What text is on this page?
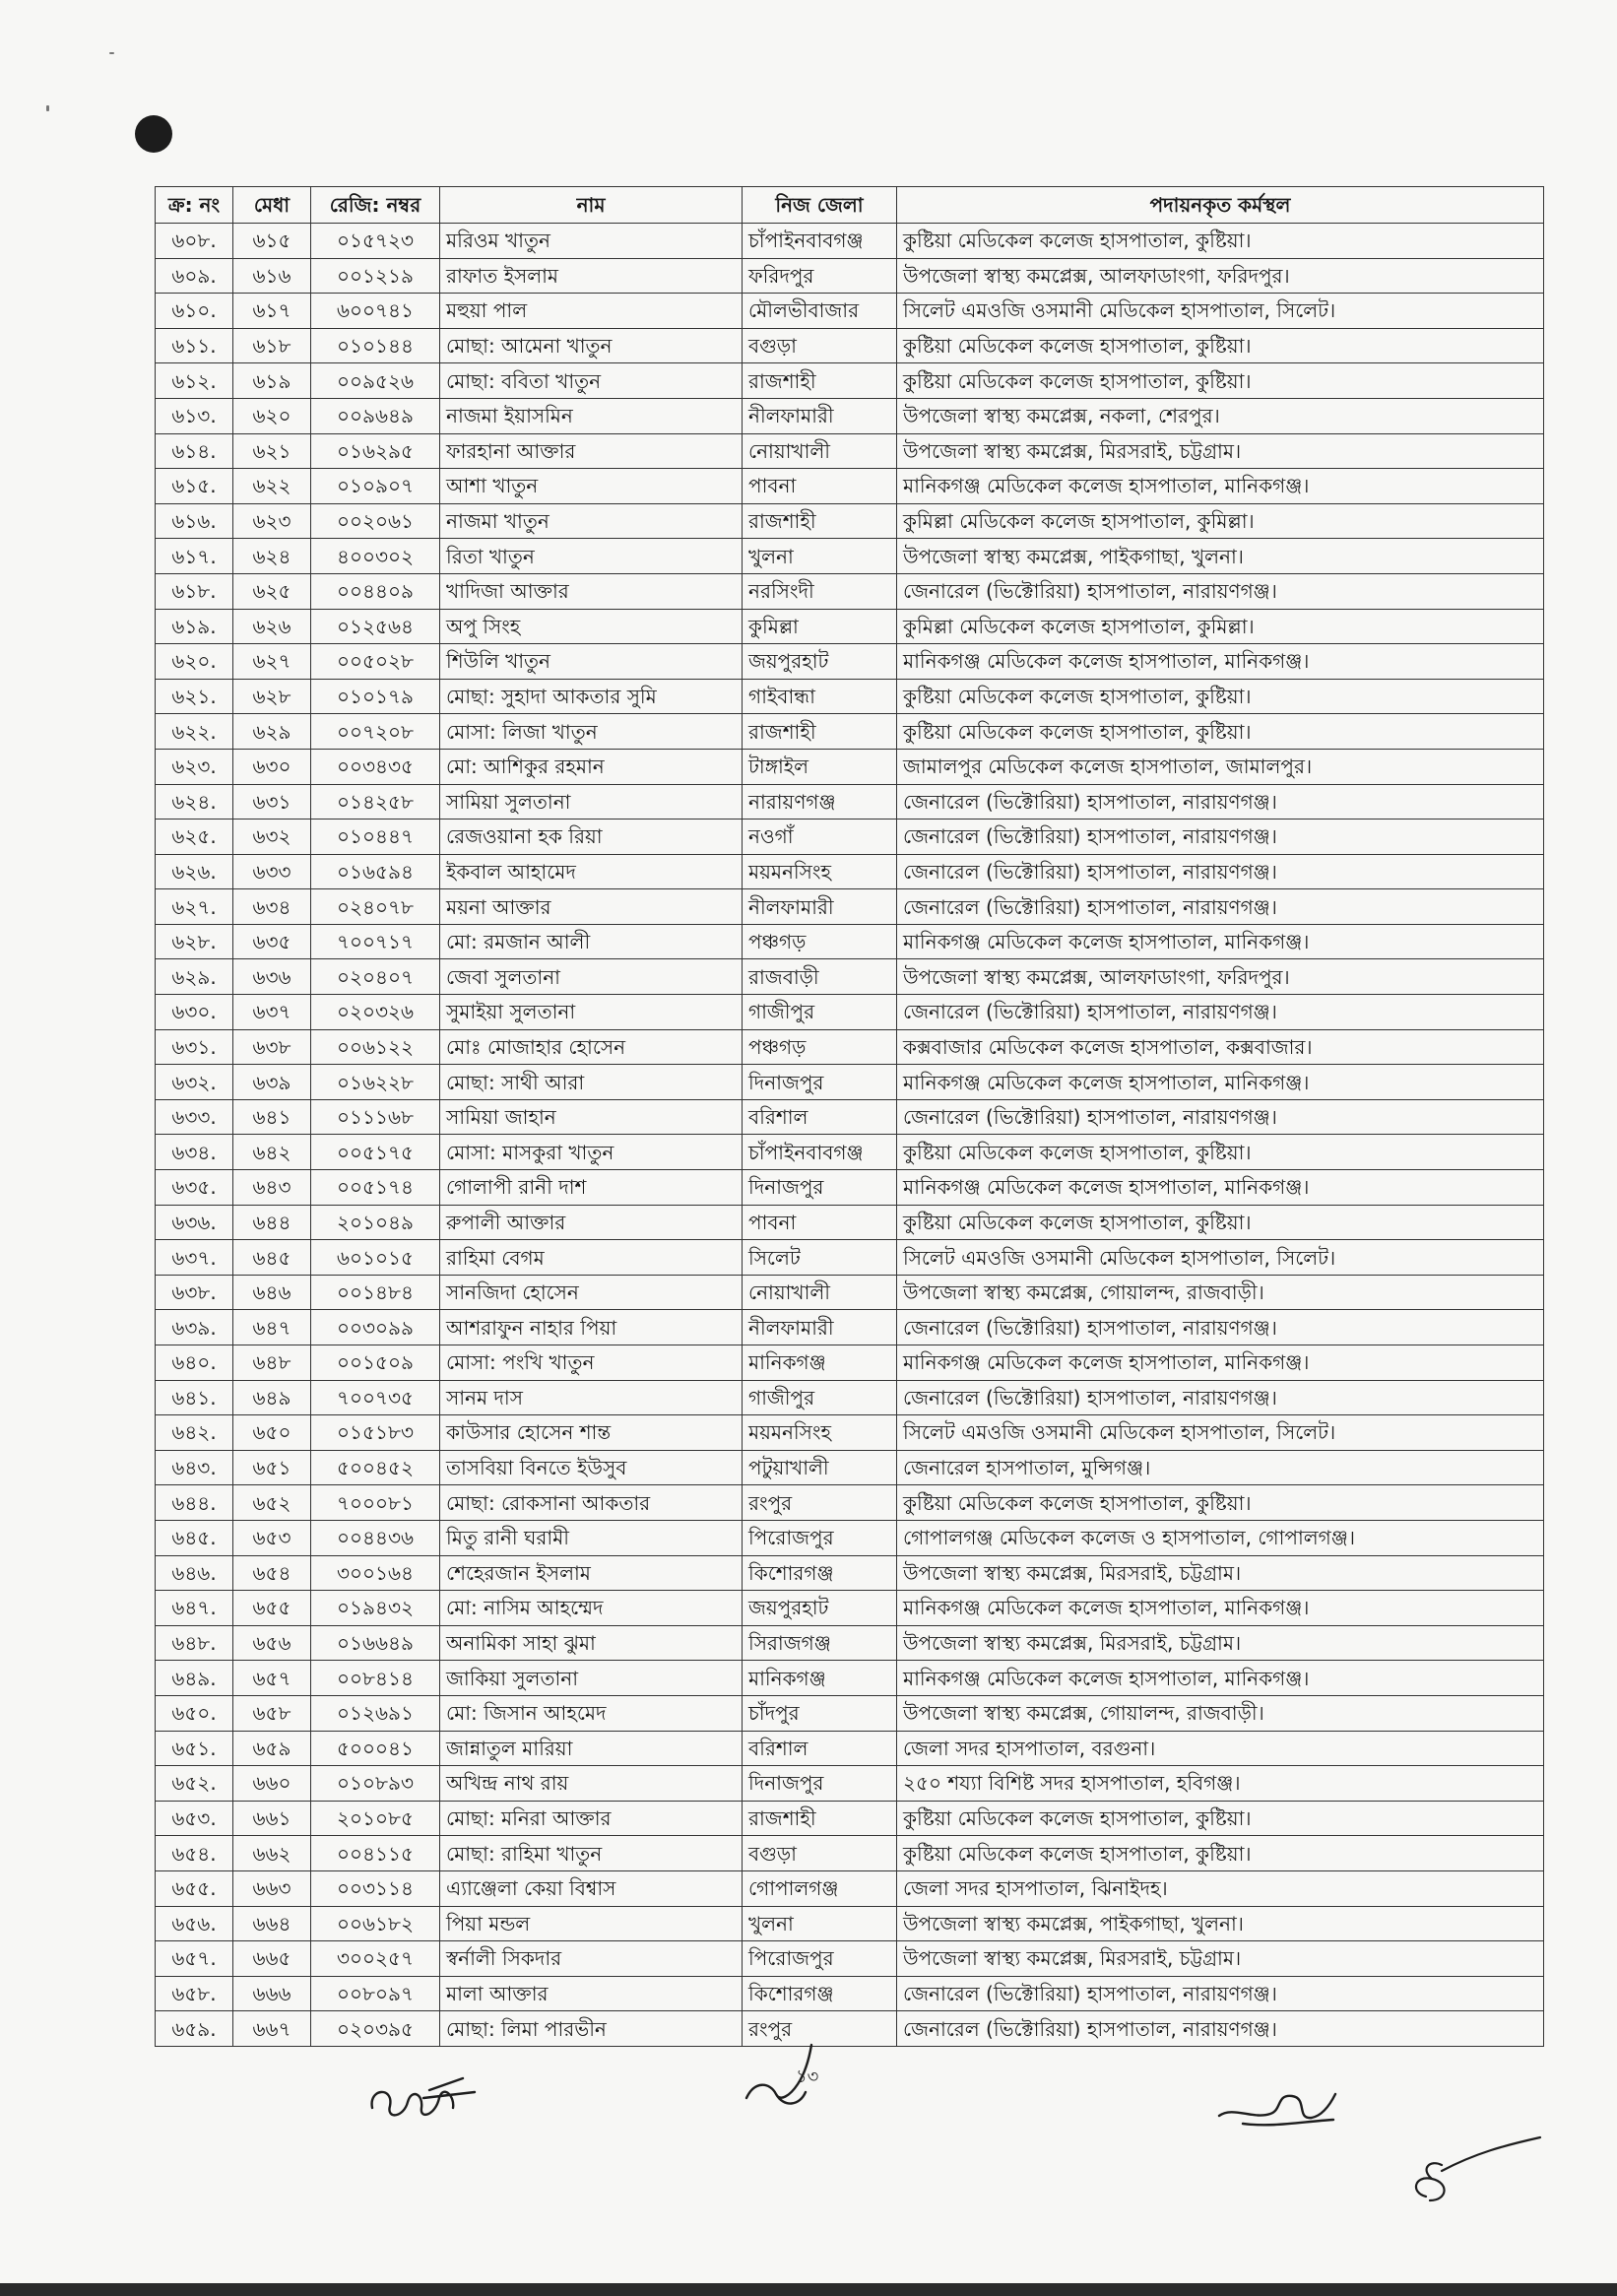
ক্র: নং	মেধা	রেজি: নম্বর	নাম	নিজ জেলা	পদায়নকৃত কর্মস্থল
৬০৮.	৬১৫	০১৫৭২৩	মরিওম খাতুন	চাঁপাইনবাবগঞ্জ	কুষ্টিয়া মেডিকেল কলেজ হাসপাতাল, কুষ্টিয়া।
৬০৯.	৬১৬	০০১২১৯	রাফাত ইসলাম	ফরিদপুর	উপজেলা স্বাস্থ্য কমপ্লেক্স, আলফাডাংগা, ফরিদপুর।
৬১০.	৬১৭	৬০০৭৪১	মহুয়া পাল	মৌলভীবাজার	সিলেট এমওজি ওসমানী মেডিকেল হাসপাতাল, সিলেট।
৬১১.	৬১৮	০১০১৪৪	মোছা: আমেনা খাতুন	বগুড়া	কুষ্টিয়া মেডিকেল কলেজ হাসপাতাল, কুষ্টিয়া।
৬১২.	৬১৯	০০৯৫২৬	মোছা: ববিতা খাতুন	রাজশাহী	কুষ্টিয়া মেডিকেল কলেজ হাসপাতাল, কুষ্টিয়া।
৬১৩.	৬২০	০০৯৬৪৯	নাজমা ইয়াসমিন	নীলফামারী	উপজেলা স্বাস্থ্য কমপ্লেক্স, নকলা, শেরপুর।
৬১৪.	৬২১	০১৬২৯৫	ফারহানা আক্তার	নোয়াখালী	উপজেলা স্বাস্থ্য কমপ্লেক্স, মিরসরাই, চট্টগ্রাম।
৬১৫.	৬২২	০১০৯০৭	আশা খাতুন	পাবনা	মানিকগঞ্জ মেডিকেল কলেজ হাসপাতাল, মানিকগঞ্জ।
৬১৬.	৬২৩	০০২০৬১	নাজমা খাতুন	রাজশাহী	কুমিল্লা মেডিকেল কলেজ হাসপাতাল, কুমিল্লা।
৬১৭.	৬২৪	৪০০৩০২	রিতা খাতুন	খুলনা	উপজেলা স্বাস্থ্য কমপ্লেক্স, পাইকগাছা, খুলনা।
৬১৮.	৬২৫	০০৪৪০৯	খাদিজা আক্তার	নরসিংদী	জেনারেল (ভিক্টোরিয়া) হাসপাতাল, নারায়ণগঞ্জ।
৬১৯.	৬২৬	০১২৫৬৪	অপু সিংহ	কুমিল্লা	কুমিল্লা মেডিকেল কলেজ হাসপাতাল, কুমিল্লা।
৬২০.	৬২৭	০০৫০২৮	শিউলি খাতুন	জয়পুরহাট	মানিকগঞ্জ মেডিকেল কলেজ হাসপাতাল, মানিকগঞ্জ।
৬২১.	৬২৮	০১০১৭৯	মোছা: সুহাদা আকতার সুমি	গাইবান্ধা	কুষ্টিয়া মেডিকেল কলেজ হাসপাতাল, কুষ্টিয়া।
৬২২.	৬২৯	০০৭২০৮	মোসা: লিজা খাতুন	রাজশাহী	কুষ্টিয়া মেডিকেল কলেজ হাসপাতাল, কুষ্টিয়া।
৬২৩.	৬৩০	০০৩৪৩৫	মো: আশিকুর রহমান	টাঙ্গাইল	জামালপুর মেডিকেল কলেজ হাসপাতাল, জামালপুর।
৬২৪.	৬৩১	০১৪২৫৮	সামিয়া সুলতানা	নারায়ণগঞ্জ	জেনারেল (ভিক্টোরিয়া) হাসপাতাল, নারায়ণগঞ্জ।
৬২৫.	৬৩২	০১০৪৪৭	রেজওয়ানা হক রিয়া	নওগাঁ	জেনারেল (ভিক্টোরিয়া) হাসপাতাল, নারায়ণগঞ্জ।
৬২৬.	৬৩৩	০১৬৫৯৪	ইকবাল আহামেদ	ময়মনসিংহ	জেনারেল (ভিক্টোরিয়া) হাসপাতাল, নারায়ণগঞ্জ।
৬২৭.	৬৩৪	০২৪০৭৮	ময়না আক্তার	নীলফামারী	জেনারেল (ভিক্টোরিয়া) হাসপাতাল, নারায়ণগঞ্জ।
৬২৮.	৬৩৫	৭০০৭১৭	মো: রমজান আলী	পঞ্চগড়	মানিকগঞ্জ মেডিকেল কলেজ হাসপাতাল, মানিকগঞ্জ।
৬২৯.	৬৩৬	০২০৪০৭	জেবা সুলতানা	রাজবাড়ী	উপজেলা স্বাস্থ্য কমপ্লেক্স, আলফাডাংগা, ফরিদপুর।
৬৩০.	৬৩৭	০২০৩২৬	সুমাইয়া সুলতানা	গাজীপুর	জেনারেল (ভিক্টোরিয়া) হাসপাতাল, নারায়ণগঞ্জ।
৬৩১.	৬৩৮	০০৬১২২	মোঃ মোজাহার হোসেন	পঞ্চগড়	কক্সবাজার মেডিকেল কলেজ হাসপাতাল, কক্সবাজার।
৬৩২.	৬৩৯	০১৬২২৮	মোছা: সাথী আরা	দিনাজপুর	মানিকগঞ্জ মেডিকেল কলেজ হাসপাতাল, মানিকগঞ্জ।
৬৩৩.	৬৪১	০১১১৬৮	সামিয়া জাহান	বরিশাল	জেনারেল (ভিক্টোরিয়া) হাসপাতাল, নারায়ণগঞ্জ।
৬৩৪.	৬৪২	০০৫১৭৫	মোসা: মাসকুরা খাতুন	চাঁপাইনবাবগঞ্জ	কুষ্টিয়া মেডিকেল কলেজ হাসপাতাল, কুষ্টিয়া।
৬৩৫.	৬৪৩	০০৫১৭৪	গোলাপী রানী দাশ	দিনাজপুর	মানিকগঞ্জ মেডিকেল কলেজ হাসপাতাল, মানিকগঞ্জ।
৬৩৬.	৬৪৪	২০১০৪৯	রুপালী আক্তার	পাবনা	কুষ্টিয়া মেডিকেল কলেজ হাসপাতাল, কুষ্টিয়া।
৬৩৭.	৬৪৫	৬০১০১৫	রাহিমা বেগম	সিলেট	সিলেট এমওজি ওসমানী মেডিকেল হাসপাতাল, সিলেট।
৬৩৮.	৬৪৬	০০১৪৮৪	সানজিদা হোসেন	নোয়াখালী	উপজেলা স্বাস্থ্য কমপ্লেক্স, গোয়ালন্দ, রাজবাড়ী।
৬৩৯.	৬৪৭	০০৩০৯৯	আশরাফুন নাহার পিয়া	নীলফামারী	জেনারেল (ভিক্টোরিয়া) হাসপাতাল, নারায়ণগঞ্জ।
৬৪০.	৬৪৮	০০১৫০৯	মোসা: পংখি খাতুন	মানিকগঞ্জ	মানিকগঞ্জ মেডিকেল কলেজ হাসপাতাল, মানিকগঞ্জ।
৬৪১.	৬৪৯	৭০০৭৩৫	সানম দাস	গাজীপুর	জেনারেল (ভিক্টোরিয়া) হাসপাতাল, নারায়ণগঞ্জ।
৬৪২.	৬৫০	০১৫১৮৩	কাউসার হোসেন শান্ত	ময়মনসিংহ	সিলেট এমওজি ওসমানী মেডিকেল হাসপাতাল, সিলেট।
৬৪৩.	৬৫১	৫০০৪৫২	তাসবিয়া বিনতে ইউসুব	পটুয়াখালী	জেনারেল হাসপাতাল, মুন্সিগঞ্জ।
৬৪৪.	৬৫২	৭০০০৮১	মোছা: রোকসানা আকতার	রংপুর	কুষ্টিয়া মেডিকেল কলেজ হাসপাতাল, কুষ্টিয়া।
৬৪৫.	৬৫৩	০০৪৪৩৬	মিতু রানী ঘরামী	পিরোজপুর	গোপালগঞ্জ মেডিকেল কলেজ ও হাসপাতাল, গোপালগঞ্জ।
৬৪৬.	৬৫৪	৩০০১৬৪	শেহেরজান ইসলাম	কিশোরগঞ্জ	উপজেলা স্বাস্থ্য কমপ্লেক্স, মিরসরাই, চট্টগ্রাম।
৬৪৭.	৬৫৫	০১৯৪৩২	মো: নাসিম আহম্মেদ	জয়পুরহাট	মানিকগঞ্জ মেডিকেল কলেজ হাসপাতাল, মানিকগঞ্জ।
৬৪৮.	৬৫৬	০১৬৬৪৯	অনামিকা সাহা ঝুমা	সিরাজগঞ্জ	উপজেলা স্বাস্থ্য কমপ্লেক্স, মিরসরাই, চট্টগ্রাম।
৬৪৯.	৬৫৭	০০৮৪১৪	জাকিয়া সুলতানা	মানিকগঞ্জ	মানিকগঞ্জ মেডিকেল কলেজ হাসপাতাল, মানিকগঞ্জ।
৬৫০.	৬৫৮	০১২৬৯১	মো: জিসান আহমেদ	চাঁদপুর	উপজেলা স্বাস্থ্য কমপ্লেক্স, গোয়ালন্দ, রাজবাড়ী।
৬৫১.	৬৫৯	৫০০০৪১	জান্নাতুল মারিয়া	বরিশাল	জেলা সদর হাসপাতাল, বরগুনা।
৬৫২.	৬৬০	০১০৮৯৩	অখিন্দ্র নাথ রায়	দিনাজপুর	২৫০ শয্যা বিশিষ্ট সদর হাসপাতাল, হবিগঞ্জ।
৬৫৩.	৬৬১	২০১০৮৫	মোছা: মনিরা আক্তার	রাজশাহী	কুষ্টিয়া মেডিকেল কলেজ হাসপাতাল, কুষ্টিয়া।
৬৫৪.	৬৬২	০০৪১১৫	মোছা: রাহিমা খাতুন	বগুড়া	কুষ্টিয়া মেডিকেল কলেজ হাসপাতাল, কুষ্টিয়া।
৬৫৫.	৬৬৩	০০৩১১৪	এ্যাঞ্জেলা কেয়া বিশ্বাস	গোপালগঞ্জ	জেলা সদর হাসপাতাল, ঝিনাইদহ।
৬৫৬.	৬৬৪	০০৬১৮২	পিয়া মন্ডল	খুলনা	উপজেলা স্বাস্থ্য কমপ্লেক্স, পাইকগাছা, খুলনা।
৬৫৭.	৬৬৫	৩০০২৫৭	স্বর্নালী সিকদার	পিরোজপুর	উপজেলা স্বাস্থ্য কমপ্লেক্স, মিরসরাই, চট্টগ্রাম।
৬৫৮.	৬৬৬	০০৮০৯৭	মালা আক্তার	কিশোরগঞ্জ	জেনারেল (ভিক্টোরিয়া) হাসপাতাল, নারায়ণগঞ্জ।
৬৫৯.	৬৬৭	০২০৩৯৫	মোছা: লিমা পারভীন	রংপুর	জেনারেল (ভিক্টোরিয়া) হাসপাতাল, নারায়ণগঞ্জ।
১৩
